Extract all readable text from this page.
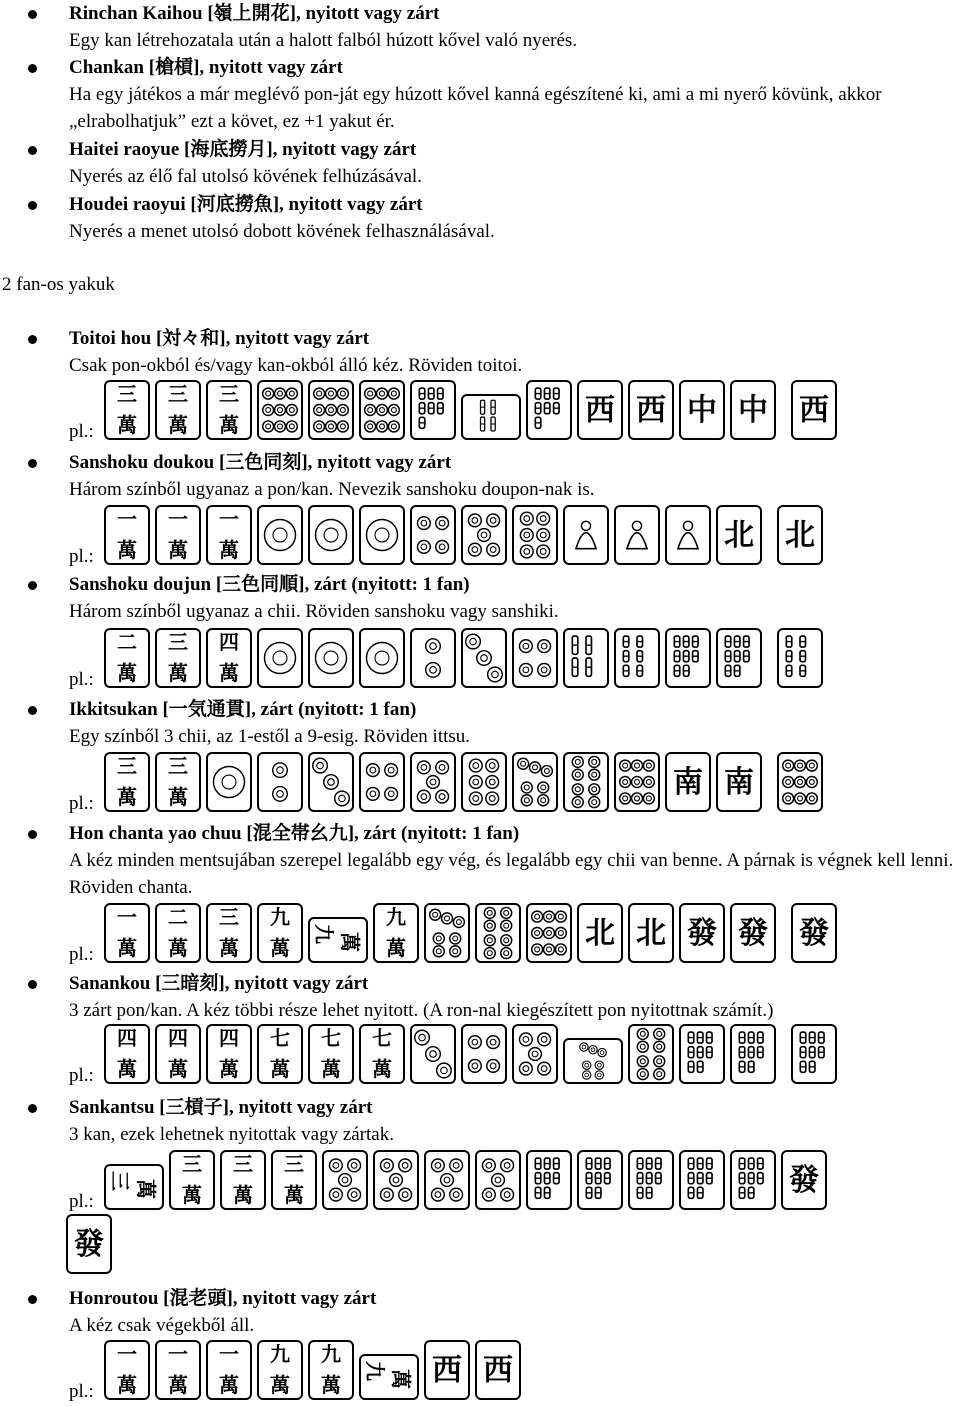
Rinchan Kaihou [嶺上開花], nyitott vagy zárt
Egy kan létrehozatala után a halott falból húzott kővel való nyerés.
Chankan [槍槓], nyitott vagy zárt
Ha egy játékos a már meglévő pon-ját egy húzott kővel kanná egészítené ki, ami a mi nyerő kövünk, akkor „elrabolhatjuk” ezt a követ, ez +1 yakut ér.
Haitei raoyue [海底撈月], nyitott vagy zárt
Nyerés az élő fal utolsó kövének felhúzásával.
Houdei raoyui [河底撈魚], nyitott vagy zárt
Nyerés a menet utolsó dobott kövének felhasználásával.
2 fan-os yakuk
Toitoi hou [対々和], nyitott vagy zárt
Csak pon-okból és/vagy kan-okból álló kéz. Röviden toitoi.
pl.:
三
萬
三
萬
三
萬	西 西 中 中 西
Sanshoku doukou [三色同刻], nyitott vagy zárt
Három színből ugyanaz a pon/kan. Nevezik sanshoku doupon-nak is.
pl.:
一
萬
一
萬
一
萬	北 北
Sanshoku doujun [三色同順], zárt (nyitott: 1 fan)
Három színből ugyanaz a chii. Röviden sanshoku vagy sanshiki.
pl.:
二
萬
三
萬
四
萬
Ikkitsukan [一気通貫], zárt (nyitott: 1 fan)
Egy színből 3 chii, az 1-estől a 9-esig. Röviden ittsu.
pl.:
三
萬
三
萬	南 南
Hon chanta yao chuu [混全帯幺九], zárt (nyitott: 1 fan)
A kéz minden mentsujában szerepel legalább egy vég, és legalább egy chii van benne. A párnak is végnek kell lenni. Röviden chanta.
pl.:
一
萬
二
萬
三
萬
九
萬
九 萬
九
萬	北 北 發 發 發
Sanankou [三暗刻], nyitott vagy zárt
3 zárt pon/kan. A kéz többi része lehet nyitott. (A ron-nal kiegészített pon nyitottnak számít.)
pl.:
四
萬
四
萬
四
萬
七
萬
七
萬
七
萬
Sankantsu [三槓子], nyitott vagy zárt
3 kan, ezek lehetnek nyitottak vagy zártak.
pl.:
三 萬
三
萬
三
萬
三
萬	發
發
Honroutou [混老頭], nyitott vagy zárt
A kéz csak végekből áll.
pl.:
一
萬
一
萬
一
萬
九
萬
九
萬
九 萬 西 西
